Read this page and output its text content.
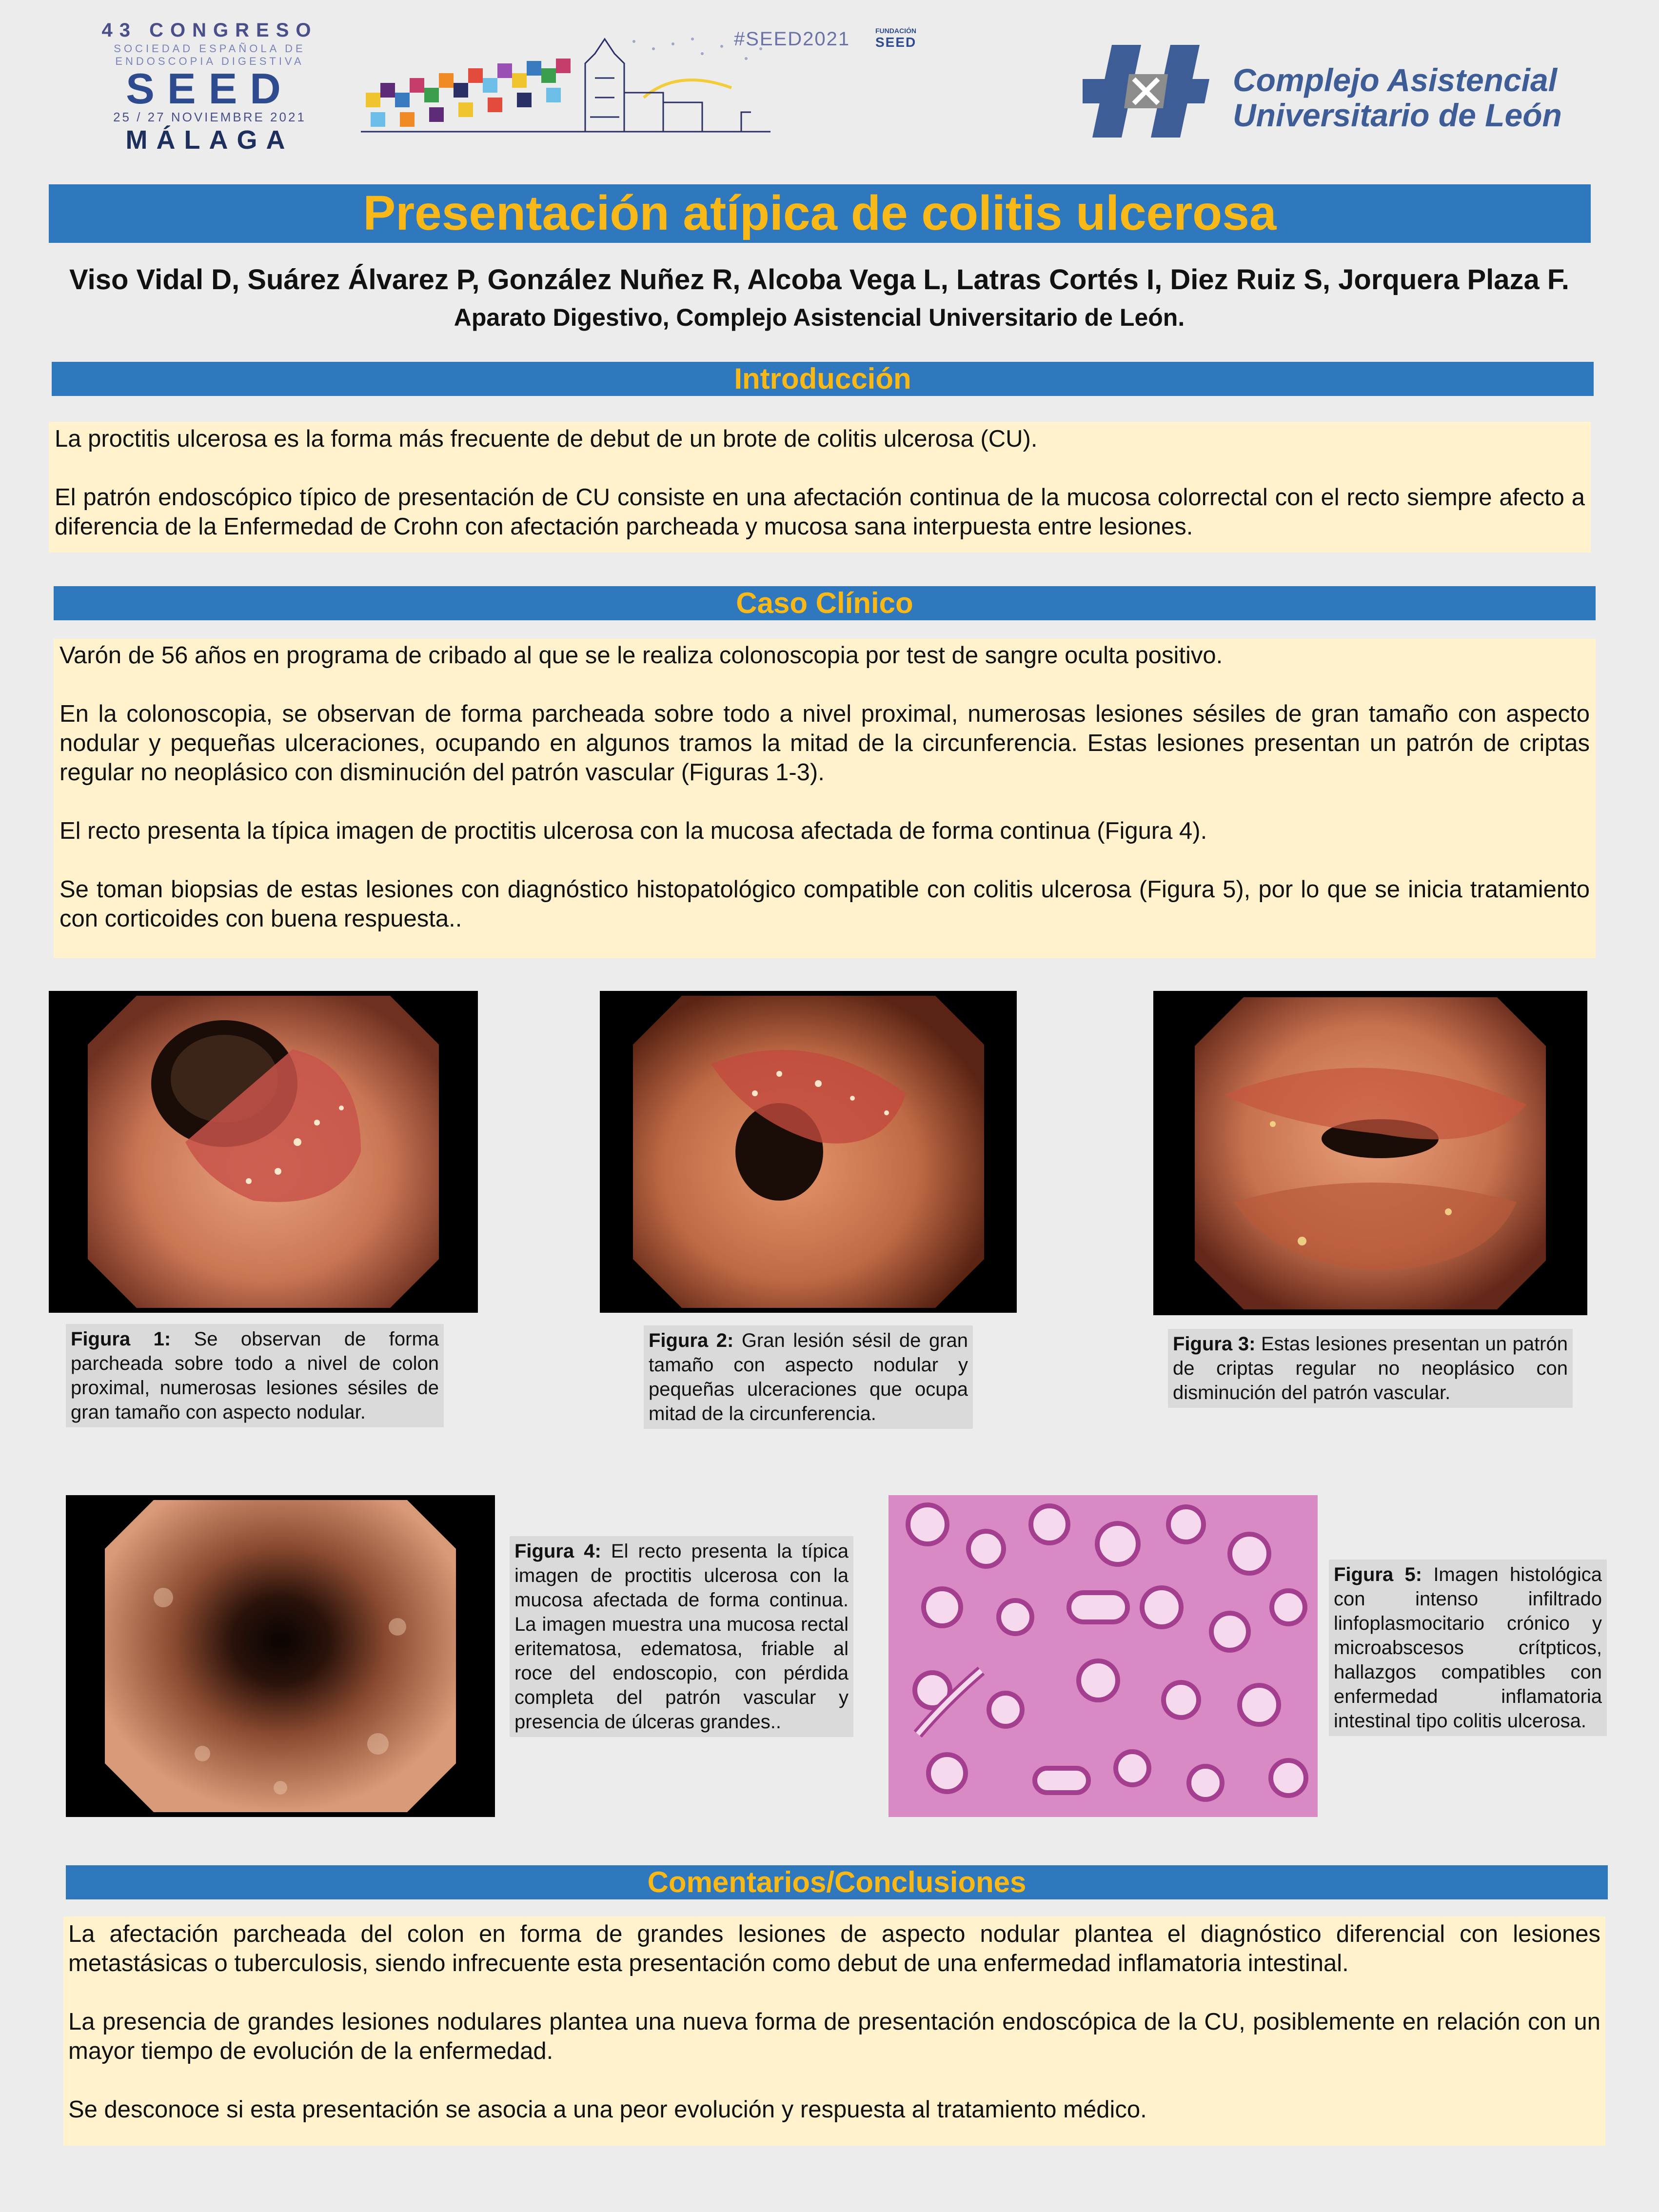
43 CONGRESO
SOCIEDAD ESPAÑOLA DE
ENDOSCOPIA DIGESTIVA
SEED
25 / 27 NOVIEMBRE 2021
MÁLAGA
#SEED2021	FUNDACIÓN
SEED
Complejo Asistencial
Universitario de León
Presentación atípica de colitis ulcerosa
Viso Vidal D, Suárez Álvarez P, González Nuñez R, Alcoba Vega L, Latras Cortés I, Diez Ruiz S, Jorquera Plaza F.
Aparato Digestivo, Complejo Asistencial Universitario de León.
Introducción

La proctitis ulcerosa es la forma más frecuente de debut de un brote de colitis ulcerosa (CU).

El patrón endoscópico típico de presentación de CU consiste en una afectación continua de la mucosa colorrectal con el recto siempre afecto a diferencia de la Enfermedad de Crohn con afectación parcheada y mucosa sana interpuesta entre lesiones.

Caso Clínico

Varón de 56 años en programa de cribado al que se le realiza colonoscopia por test de sangre oculta positivo.

En la colonoscopia, se observan de forma parcheada sobre todo a nivel proximal, numerosas lesiones sésiles de gran tamaño con aspecto nodular y pequeñas ulceraciones, ocupando en algunos tramos la mitad de la circunferencia. Estas lesiones presentan un patrón de criptas regular no neoplásico con disminución del patrón vascular (Figuras 1-3).

El recto presenta la típica imagen de proctitis ulcerosa con la mucosa afectada de forma continua (Figura 4).

Se toman biopsias de estas lesiones con diagnóstico histopatológico compatible con colitis ulcerosa (Figura 5), por lo que se inicia tratamiento con corticoides con buena respuesta..

Figura 1: Se observan de forma parcheada sobre todo a nivel de colon proximal, numerosas lesiones sésiles de gran tamaño con aspecto nodular.
Figura 2: Gran lesión sésil de gran tamaño con aspecto nodular y pequeñas ulceraciones que ocupa mitad de la circunferencia.
Figura 3: Estas lesiones presentan un patrón de criptas regular no neoplásico con disminución del patrón vascular.
Figura 4: El recto presenta la típica imagen de proctitis ulcerosa con la mucosa afectada de forma continua. La imagen muestra una mucosa rectal eritematosa, edematosa, friable al roce del endoscopio, con pérdida completa del patrón vascular y presencia de úlceras grandes..
Figura 5: Imagen histológica con intenso infiltrado linfoplasmocitario crónico y microabscesos crítpticos, hallazgos compatibles con enfermedad inflamatoria intestinal tipo colitis ulcerosa.
Comentarios/Conclusiones

La afectación parcheada del colon en forma de grandes lesiones de aspecto nodular plantea el diagnóstico diferencial con lesiones metastásicas o tuberculosis, siendo infrecuente esta presentación como debut de una enfermedad inflamatoria intestinal.

La presencia de grandes lesiones nodulares plantea una nueva forma de presentación endoscópica de la CU, posiblemente en relación con un mayor tiempo de evolución de la enfermedad.

Se desconoce si esta presentación se asocia a una peor evolución y respuesta al tratamiento médico.
